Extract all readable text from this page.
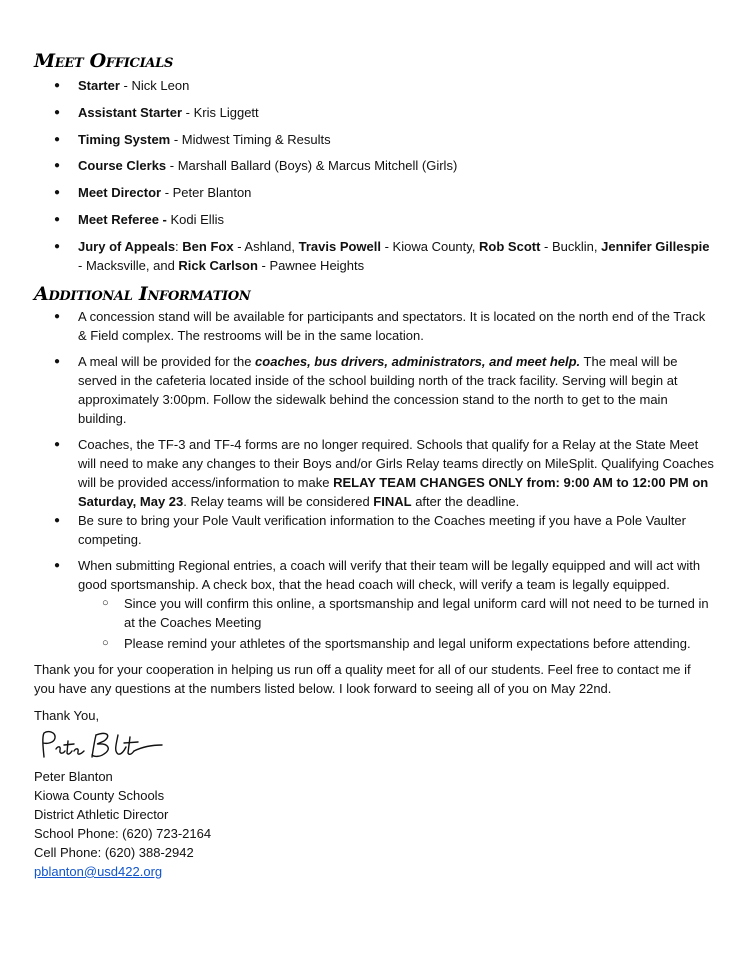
Meet Officials
● Starter - Nick Leon
● Assistant Starter - Kris Liggett
● Timing System - Midwest Timing & Results
● Course Clerks - Marshall Ballard (Boys) & Marcus Mitchell (Girls)
● Meet Director - Peter Blanton
● Meet Referee - Kodi Ellis
● Jury of Appeals: Ben Fox - Ashland, Travis Powell - Kiowa County, Rob Scott - Bucklin, Jennifer Gillespie - Macksville, and Rick Carlson - Pawnee Heights
Additional Information
● A concession stand will be available for participants and spectators. It is located on the north end of the Track & Field complex. The restrooms will be in the same location.
● A meal will be provided for the coaches, bus drivers, administrators, and meet help. The meal will be served in the cafeteria located inside of the school building north of the track facility. Serving will begin at approximately 3:00pm. Follow the sidewalk behind the concession stand to the north to get to the main building.
● Coaches, the TF-3 and TF-4 forms are no longer required. Schools that qualify for a Relay at the State Meet will need to make any changes to their Boys and/or Girls Relay teams directly on MileSplit. Qualifying Coaches will be provided access/information to make RELAY TEAM CHANGES ONLY from: 9:00 AM to 12:00 PM on Saturday, May 23. Relay teams will be considered FINAL after the deadline.
● Be sure to bring your Pole Vault verification information to the Coaches meeting if you have a Pole Vaulter competing.
● When submitting Regional entries, a coach will verify that their team will be legally equipped and will act with good sportsmanship. A check box, that the head coach will check, will verify a team is legally equipped.
○ Since you will confirm this online, a sportsmanship and legal uniform card will not need to be turned in at the Coaches Meeting
○ Please remind your athletes of the sportsmanship and legal uniform expectations before attending.

Thank you for your cooperation in helping us run off a quality meet for all of our students. Feel free to contact me if you have any questions at the numbers listed below. I look forward to seeing all of you on May 22nd.

Thank You,

Peter Blanton
Kiowa County Schools
District Athletic Director
School Phone: (620) 723-2164
Cell Phone: (620) 388-2942
pblanton@usd422.org
